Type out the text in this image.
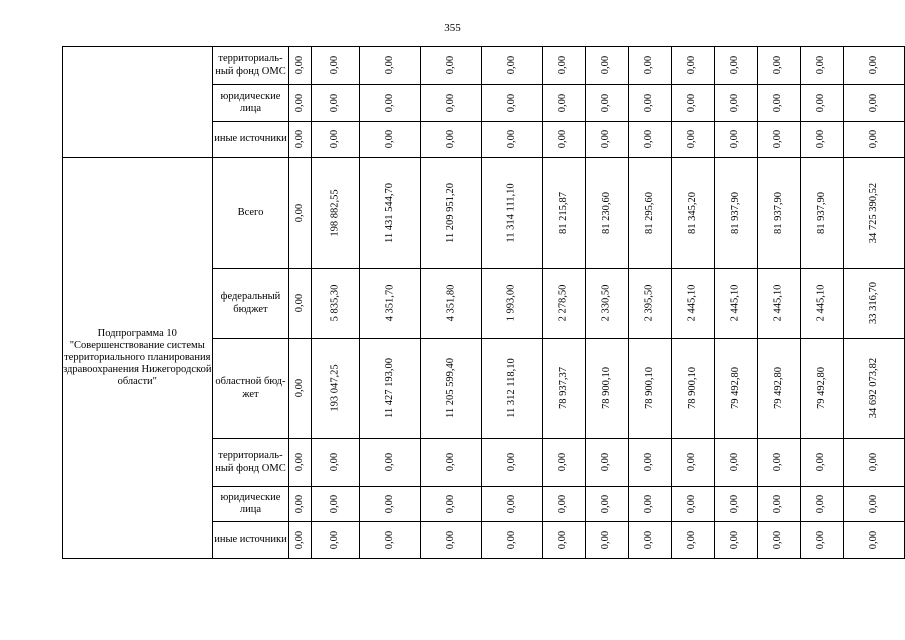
355
	территориаль-ный фонд ОМС	0,00	0,00	0,00	0,00	0,00	0,00	0,00	0,00	0,00	0,00	0,00	0,00	0,00
	юридические лица	0,00	0,00	0,00	0,00	0,00	0,00	0,00	0,00	0,00	0,00	0,00	0,00	0,00
	иные источники	0,00	0,00	0,00	0,00	0,00	0,00	0,00	0,00	0,00	0,00	0,00	0,00	0,00
Подпрограмма 10 "Совершенствование системы территориального планирования здравоохранения Нижегородской области"	Всего	0,00	198 882,55	11 431 544,70	11 209 951,20	11 314 111,10	81 215,87	81 230,60	81 295,60	81 345,20	81 937,90	81 937,90	81 937,90	34 725 390,52
	федеральный бюджет	0,00	5 835,30	4 351,70	4 351,80	1 993,00	2 278,50	2 330,50	2 395,50	2 445,10	2 445,10	2 445,10	2 445,10	33 316,70
	областной бюд-жет	0,00	193 047,25	11 427 193,00	11 205 599,40	11 312 118,10	78 937,37	78 900,10	78 900,10	78 900,10	79 492,80	79 492,80	79 492,80	34 692 073,82
	территориаль-ный фонд ОМС	0,00	0,00	0,00	0,00	0,00	0,00	0,00	0,00	0,00	0,00	0,00	0,00	0,00
	юридические лица	0,00	0,00	0,00	0,00	0,00	0,00	0,00	0,00	0,00	0,00	0,00	0,00	0,00
	иные источники	0,00	0,00	0,00	0,00	0,00	0,00	0,00	0,00	0,00	0,00	0,00	0,00	0,00
